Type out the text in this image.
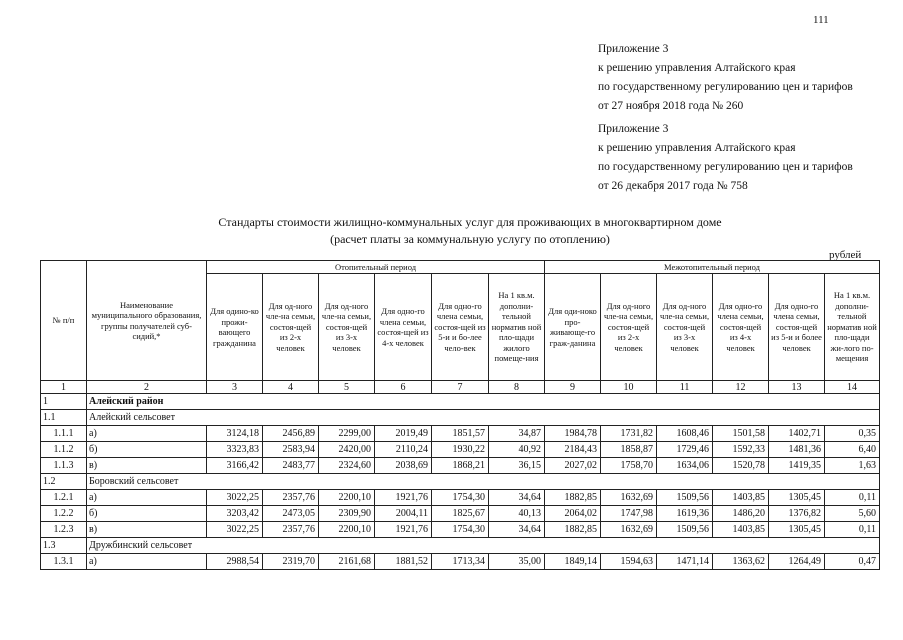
111
Приложение 3
к решению управления Алтайского края
по государственному регулированию цен и тарифов
от 27 ноября 2018 года № 260
Приложение 3
к решению управления Алтайского края
по государственному регулированию цен и тарифов
от 26 декабря 2017 года № 758
Стандарты стоимости жилищно-коммунальных услуг для проживающих в многоквартирном доме
(расчет платы за коммунальную услугу по отоплению)
рублей
№ п/п	Наименование муниципального образования, группы получателей суб-сидий,*	Отопительный период						Межотопительный период					
		Для одино-ко прожи-вающего гражданина	Для од-ного чле-на семьи, состоя-щей из 2-х человек	Для од-ного чле-на семьи, состоя-щей из 3-х человек	Для одно-го члена семьи, состоя-щей из 4-х человек	Для одно-го члена семьи, состоя-щей из 5-и и бо-лее чело-век	На 1 кв.м. дополни-тельной норматив ной пло-щади жилого помеще-ния	Для оди-ноко про-живающе-го граж-данина	Для од-ного чле-на семьи, состоя-щей из 2-х человек	Для од-ного чле-на семьи, состоя-щей из 3-х человек	Для одно-го члена семьи, состоя-щей из 4-х человек	Для одно-го члена семьи, состоя-щей из 5-и и более человек	На 1 кв.м. дополни-тельной норматив ной пло-щади жи-лого по-мещения
1	2	3	4	5	6	7	8	9	10	11	12	13	14
1	Алейский район												
1.1	Алейский сельсовет												
1.1.1	а)	3124,18	2456,89	2299,00	2019,49	1851,57	34,87	1984,78	1731,82	1608,46	1501,58	1402,71	0,35
1.1.2	б)	3323,83	2583,94	2420,00	2110,24	1930,22	40,92	2184,43	1858,87	1729,46	1592,33	1481,36	6,40
1.1.3	в)	3166,42	2483,77	2324,60	2038,69	1868,21	36,15	2027,02	1758,70	1634,06	1520,78	1419,35	1,63
1.2	Боровский сельсовет												
1.2.1	а)	3022,25	2357,76	2200,10	1921,76	1754,30	34,64	1882,85	1632,69	1509,56	1403,85	1305,45	0,11
1.2.2	б)	3203,42	2473,05	2309,90	2004,11	1825,67	40,13	2064,02	1747,98	1619,36	1486,20	1376,82	5,60
1.2.3	в)	3022,25	2357,76	2200,10	1921,76	1754,30	34,64	1882,85	1632,69	1509,56	1403,85	1305,45	0,11
1.3	Дружбинский сельсовет												
1.3.1	а)	2988,54	2319,70	2161,68	1881,52	1713,34	35,00	1849,14	1594,63	1471,14	1363,62	1264,49	0,47
